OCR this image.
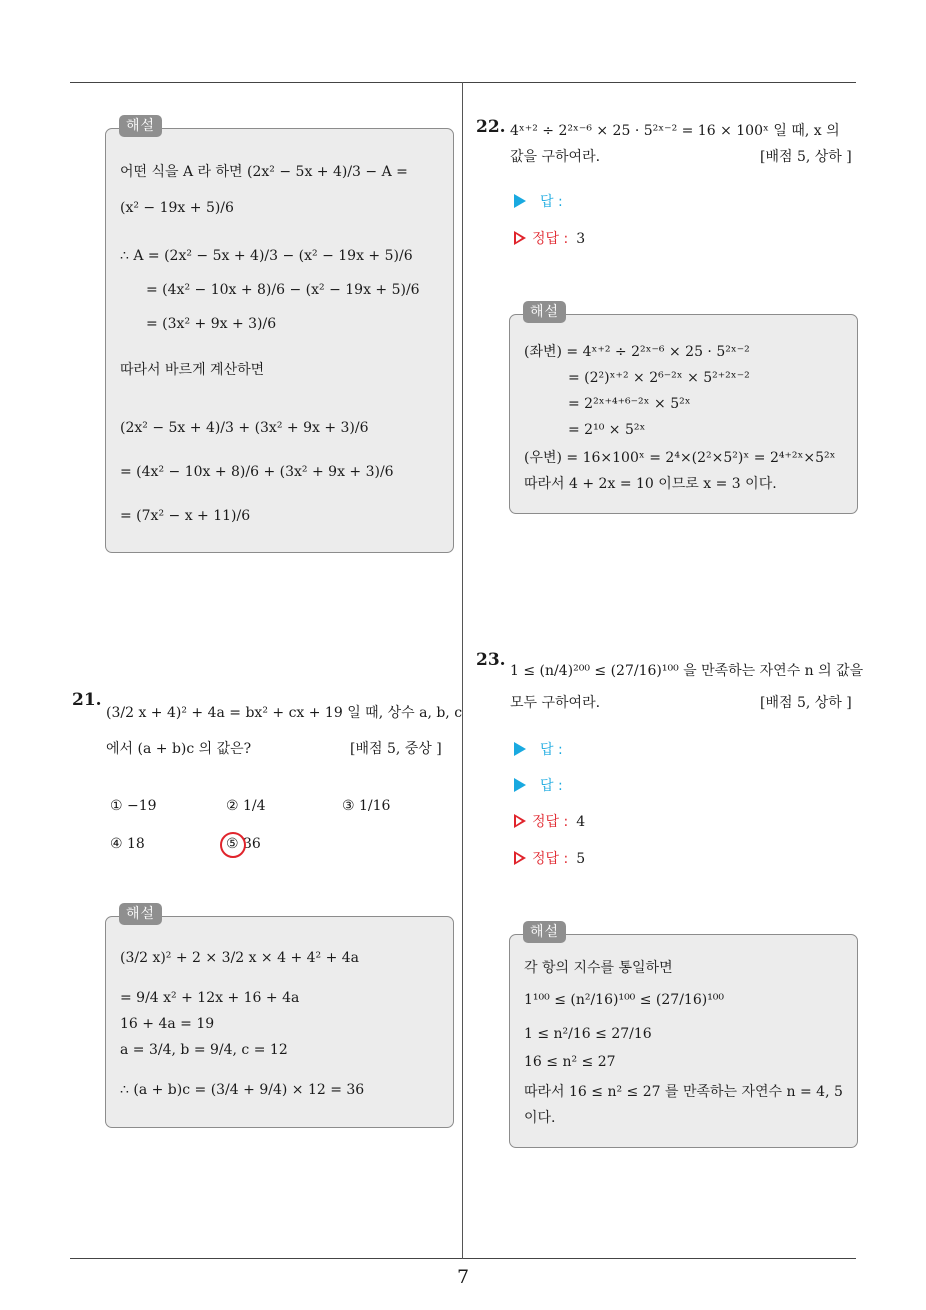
7
해설
어떤 식을 A 라 하면 (2x² − 5x + 4)/3 − A =
(x² − 19x + 5)/6
∴ A = (2x² − 5x + 4)/3 − (x² − 19x + 5)/6
= (4x² − 10x + 8)/6 − (x² − 19x + 5)/6
= (3x² + 9x + 3)/6
따라서 바르게 계산하면
(2x² − 5x + 4)/3 + (3x² + 9x + 3)/6
= (4x² − 10x + 8)/6 + (3x² + 9x + 3)/6
= (7x² − x + 11)/6
21.
(3/2 x + 4)² + 4a = bx² + cx + 19 일 때, 상수 a, b, c
에서 (a + b)c 의 값은?	[배점 5, 중상 ]
① −19	② 1/4	③ 1/16
④ 18	⑤ 36
해설
(3/2 x)² + 2 × 3/2 x × 4 + 4² + 4a
= 9/4 x² + 12x + 16 + 4a
16 + 4a = 19
a = 3/4, b = 9/4, c = 12
∴ (a + b)c = (3/4 + 9/4) × 12 = 36
22. 4ˣ⁺² ÷ 2²ˣ⁻⁶ × 25 · 5²ˣ⁻² = 16 × 100ˣ 일 때, x 의
값을 구하여라.	[배점 5, 상하 ]
답 :
정답 : 3
해설
(좌변) = 4ˣ⁺² ÷ 2²ˣ⁻⁶ × 25 · 5²ˣ⁻²
= (2²)ˣ⁺² × 2⁶⁻²ˣ × 5²⁺²ˣ⁻²
= 2²ˣ⁺⁴⁺⁶⁻²ˣ × 5²ˣ
= 2¹⁰ × 5²ˣ
(우변) = 16×100ˣ = 2⁴×(2²×5²)ˣ = 2⁴⁺²ˣ×5²ˣ
따라서 4 + 2x = 10 이므로 x = 3 이다.
23.
1 ≤ (n/4)²⁰⁰ ≤ (27/16)¹⁰⁰ 을 만족하는 자연수 n 의 값을
모두 구하여라.	[배점 5, 상하 ]
답 :
답 :
정답 : 4
정답 : 5
해설
각 항의 지수를 통일하면
1¹⁰⁰ ≤ (n²/16)¹⁰⁰ ≤ (27/16)¹⁰⁰
1 ≤ n²/16 ≤ 27/16
16 ≤ n² ≤ 27
따라서 16 ≤ n² ≤ 27 를 만족하는 자연수 n = 4, 5
이다.
